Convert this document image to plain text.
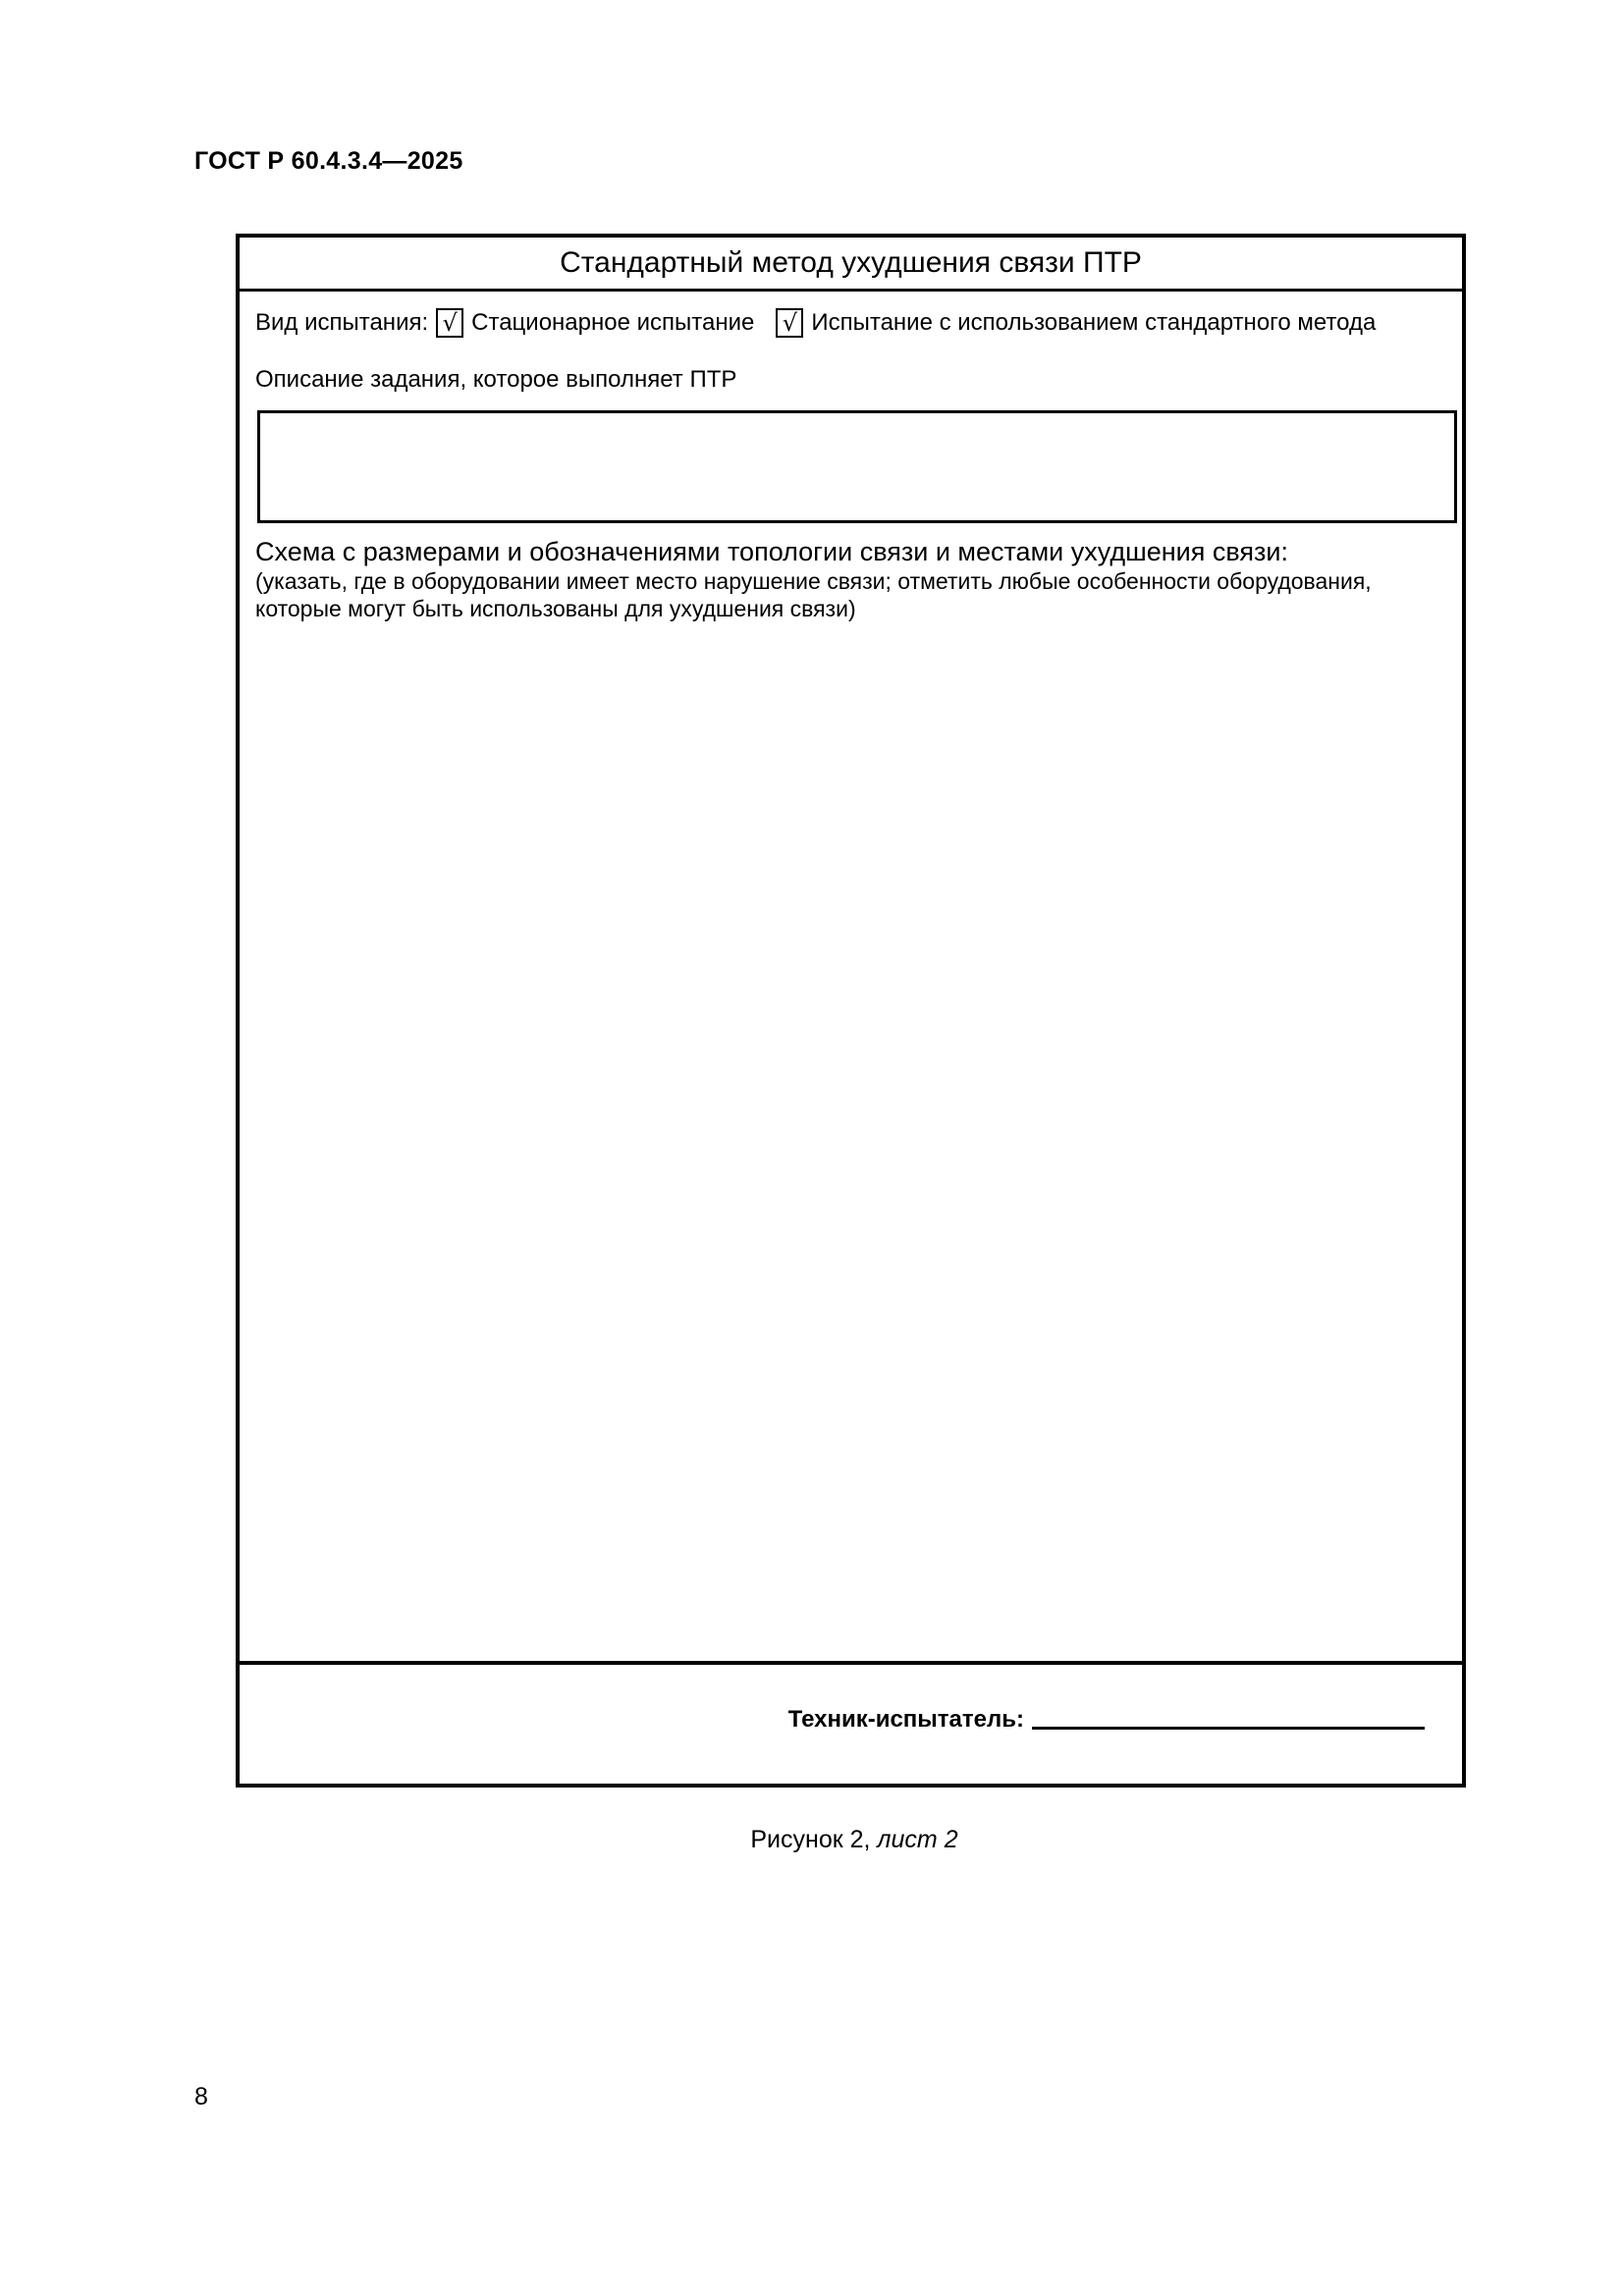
ГОСТ Р 60.4.3.4—2025
Стандартный метод ухудшения связи ПТР
Вид испытания: √ Стационарное испытание √ Испытание с использованием стандартного метода
Описание задания, которое выполняет ПТР
Схема с размерами и обозначениями топологии связи и местами ухудшения связи:
(указать, где в оборудовании имеет место нарушение связи; отметить любые особенности оборудования, которые могут быть использованы для ухудшения связи)
Техник-испытатель:
Рисунок 2, лист 2
8
